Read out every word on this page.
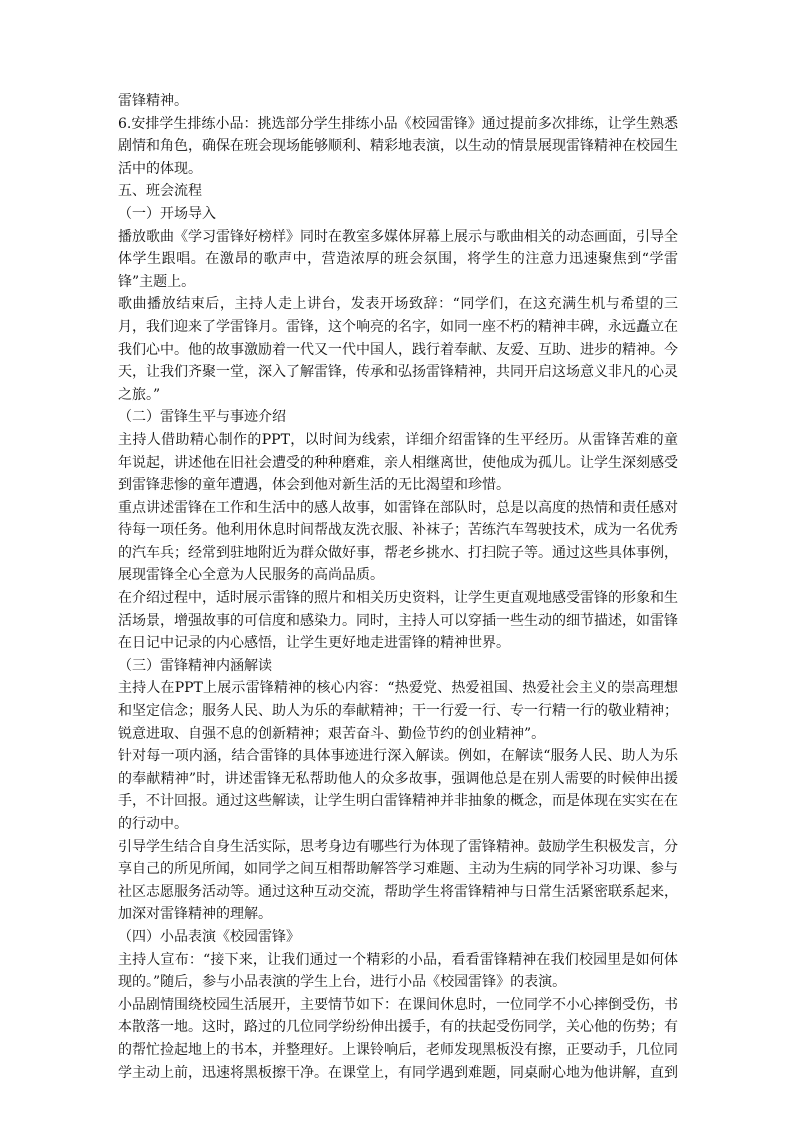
雷锋精神。

6.安排学生排练小品：挑选部分学生排练小品《校园雷锋》通过提前多次排练，让学生熟悉剧情和角色，确保在班会现场能够顺利、精彩地表演，以生动的情景展现雷锋精神在校园生活中的体现。

五、班会流程

（一）开场导入

播放歌曲《学习雷锋好榜样》同时在教室多媒体屏幕上展示与歌曲相关的动态画面，引导全体学生跟唱。在激昂的歌声中，营造浓厚的班会氛围，将学生的注意力迅速聚焦到“学雷锋”主题上。

歌曲播放结束后，主持人走上讲台，发表开场致辞：“同学们，在这充满生机与希望的三月，我们迎来了学雷锋月。雷锋，这个响亮的名字，如同一座不朽的精神丰碑，永远矗立在我们心中。他的故事激励着一代又一代中国人，践行着奉献、友爱、互助、进步的精神。今天，让我们齐聚一堂，深入了解雷锋，传承和弘扬雷锋精神，共同开启这场意义非凡的心灵之旅。”

（二）雷锋生平与事迹介绍

主持人借助精心制作的PPT，以时间为线索，详细介绍雷锋的生平经历。从雷锋苦难的童年说起，讲述他在旧社会遭受的种种磨难，亲人相继离世，使他成为孤儿。让学生深刻感受到雷锋悲惨的童年遭遇，体会到他对新生活的无比渴望和珍惜。

重点讲述雷锋在工作和生活中的感人故事，如雷锋在部队时，总是以高度的热情和责任感对待每一项任务。他利用休息时间帮战友洗衣服、补袜子；苦练汽车驾驶技术，成为一名优秀的汽车兵；经常到驻地附近为群众做好事，帮老乡挑水、打扫院子等。通过这些具体事例，展现雷锋全心全意为人民服务的高尚品质。

在介绍过程中，适时展示雷锋的照片和相关历史资料，让学生更直观地感受雷锋的形象和生活场景，增强故事的可信度和感染力。同时，主持人可以穿插一些生动的细节描述，如雷锋在日记中记录的内心感悟，让学生更好地走进雷锋的精神世界。

（三）雷锋精神内涵解读

主持人在PPT上展示雷锋精神的核心内容：“热爱党、热爱祖国、热爱社会主义的崇高理想和坚定信念；服务人民、助人为乐的奉献精神；干一行爱一行、专一行精一行的敬业精神；锐意进取、自强不息的创新精神；艰苦奋斗、勤俭节约的创业精神”。

针对每一项内涵，结合雷锋的具体事迹进行深入解读。例如，在解读“服务人民、助人为乐的奉献精神”时，讲述雷锋无私帮助他人的众多故事，强调他总是在别人需要的时候伸出援手，不计回报。通过这些解读，让学生明白雷锋精神并非抽象的概念，而是体现在实实在在的行动中。

引导学生结合自身生活实际，思考身边有哪些行为体现了雷锋精神。鼓励学生积极发言，分享自己的所见所闻，如同学之间互相帮助解答学习难题、主动为生病的同学补习功课、参与社区志愿服务活动等。通过这种互动交流，帮助学生将雷锋精神与日常生活紧密联系起来，加深对雷锋精神的理解。

（四）小品表演《校园雷锋》

主持人宣布：“接下来，让我们通过一个精彩的小品，看看雷锋精神在我们校园里是如何体现的。”随后，参与小品表演的学生上台，进行小品《校园雷锋》的表演。

小品剧情围绕校园生活展开，主要情节如下：在课间休息时，一位同学不小心摔倒受伤，书本散落一地。这时，路过的几位同学纷纷伸出援手，有的扶起受伤同学，关心他的伤势；有的帮忙捡起地上的书本，并整理好。上课铃响后，老师发现黑板没有擦，正要动手，几位同学主动上前，迅速将黑板擦干净。在课堂上，有同学遇到难题，同桌耐心地为他讲解，直到
